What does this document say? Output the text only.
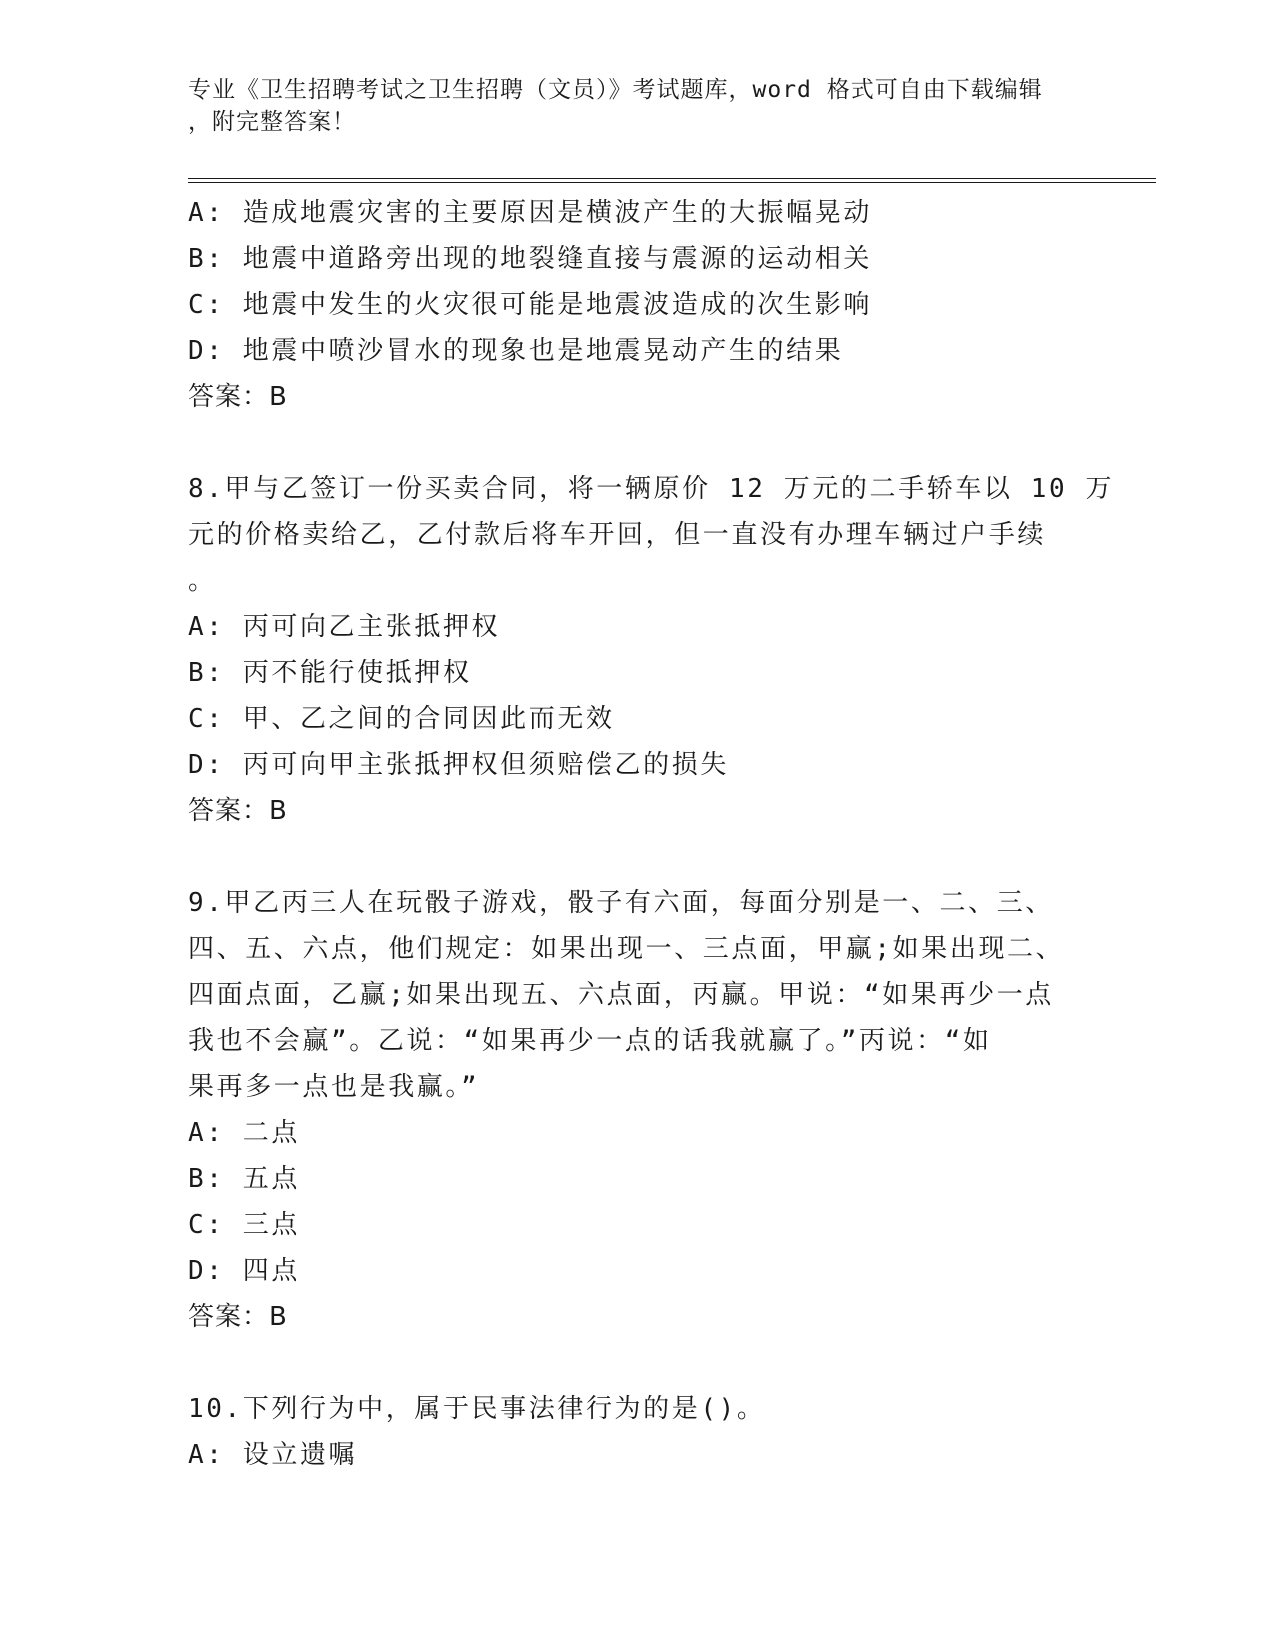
专业《卫生招聘考试之卫生招聘（文员）》考试题库，word 格式可自由下载编辑
，附完整答案！
A: 造成地震灾害的主要原因是横波产生的大振幅晃动
B: 地震中道路旁出现的地裂缝直接与震源的运动相关
C: 地震中发生的火灾很可能是地震波造成的次生影响
D: 地震中喷沙冒水的现象也是地震晃动产生的结果
答案：B
8.甲与乙签订一份买卖合同，将一辆原价 12 万元的二手轿车以 10 万
元的价格卖给乙，乙付款后将车开回，但一直没有办理车辆过户手续
。
A: 丙可向乙主张抵押权
B: 丙不能行使抵押权
C: 甲、乙之间的合同因此而无效
D: 丙可向甲主张抵押权但须赔偿乙的损失
答案：B
9.甲乙丙三人在玩骰子游戏，骰子有六面，每面分别是一、二、三、
四、五、六点，他们规定：如果出现一、三点面，甲赢;如果出现二、
四面点面，乙赢;如果出现五、六点面，丙赢。甲说：“如果再少一点
我也不会赢”。乙说：“如果再少一点的话我就赢了。”丙说：“如
果再多一点也是我赢。”
A: 二点
B: 五点
C: 三点
D: 四点
答案：B
10.下列行为中，属于民事法律行为的是()。
A: 设立遗嘱
